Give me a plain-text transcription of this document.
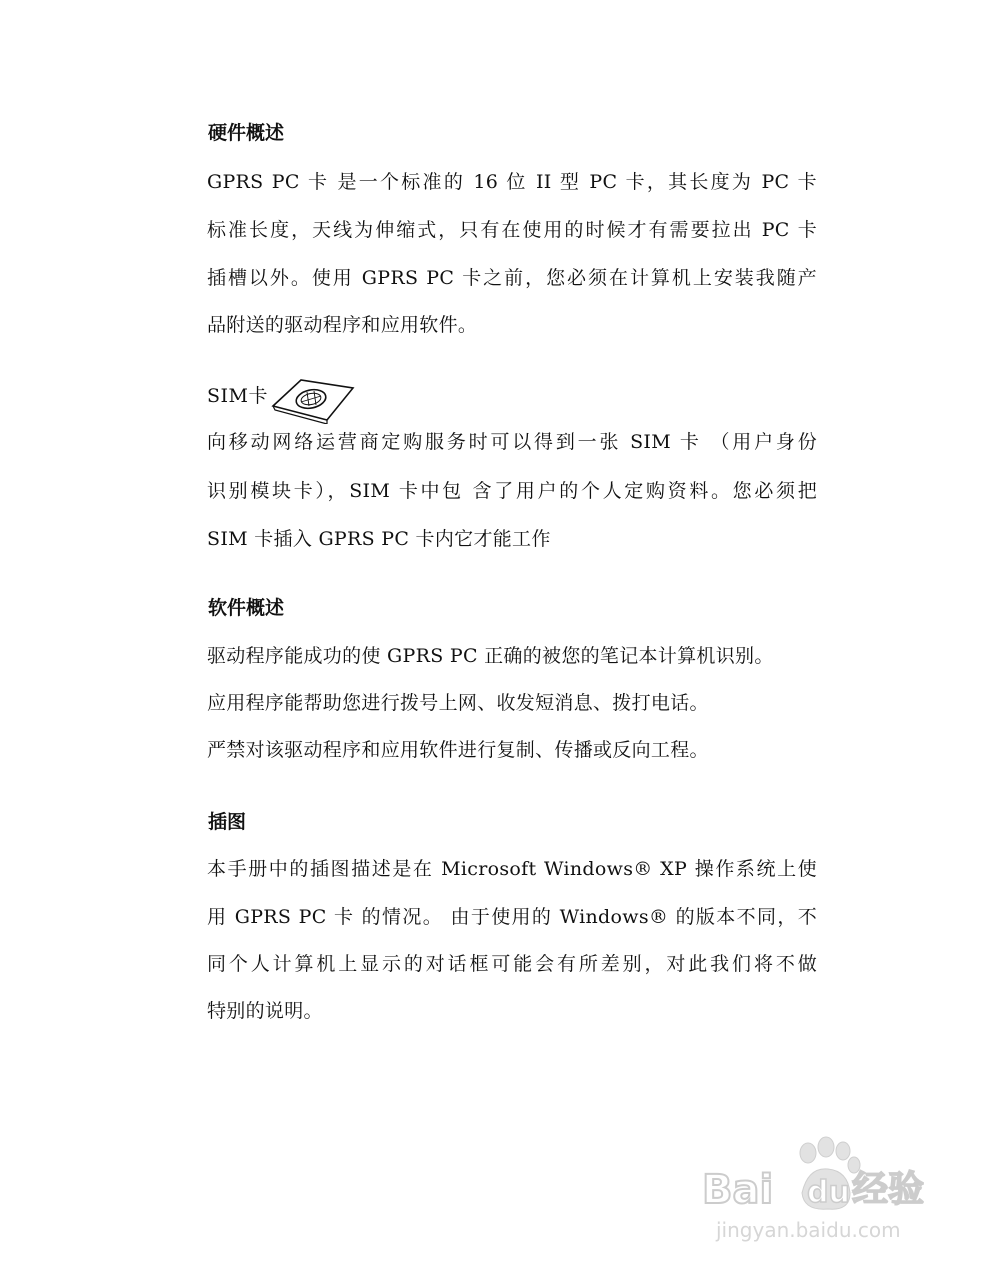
硬件概述
GPRS PC 卡 是一个标准的 16 位 II 型 PC 卡，其长度为 PC 卡
标准长度，天线为伸缩式，只有在使用的时候才有需要拉出 PC 卡
插槽以外。使用 GPRS PC 卡之前，您必须在计算机上安装我随产
品附送的驱动程序和应用软件。
SIM卡
向移动网络运营商定购服务时可以得到一张 SIM 卡 （用户身份
识别模块卡），SIM 卡中包 含了用户的个人定购资料。您必须把
SIM 卡插入 GPRS PC 卡内它才能工作
软件概述
驱动程序能成功的使 GPRS PC 正确的被您的笔记本计算机识别。
应用程序能帮助您进行拨号上网、收发短消息、拨打电话。
严禁对该驱动程序和应用软件进行复制、传播或反向工程。
插图
本手册中的插图描述是在 Microsoft Windows® XP 操作系统上使
用 GPRS PC 卡 的情况。 由于使用的 Windows® 的版本不同，不
同个人计算机上显示的对话框可能会有所差别，对此我们将不做
特别的说明。
Bai du 经验
jingyan.baidu.com
